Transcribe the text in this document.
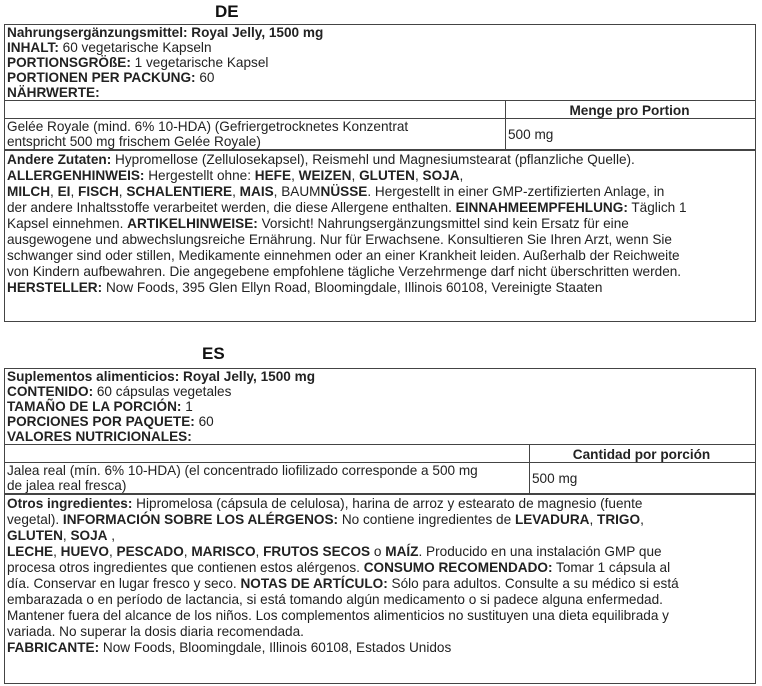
DE
Nahrungsergänzungsmittel: Royal Jelly, 1500 mg
INHALT: 60 vegetarische Kapseln
PORTIONSGRÖßE: 1 vegetarische Kapsel
PORTIONEN PER PACKUNG: 60
NÄHRWERTE:
	Menge pro Portion

Gelée Royale (mind. 6% 10-HDA) (Gefriergetrocknetes Konzentrat
entspricht 500 mg frischem Gelée Royale)	500 mg
Andere Zutaten: Hypromellose (Zellulosekapsel), Reismehl und Magnesiumstearat (pflanzliche Quelle).
ALLERGENHINWEIS: Hergestellt ohne: HEFE, WEIZEN, GLUTEN, SOJA,
MILCH, EI, FISCH, SCHALENTIERE, MAIS, BAUMNÜSSE. Hergestellt in einer GMP-zertifizierten Anlage, in
der andere Inhaltsstoffe verarbeitet werden, die diese Allergene enthalten. EINNAHMEEMPFEHLUNG: Täglich 1
Kapsel einnehmen. ARTIKELHINWEISE: Vorsicht! Nahrungsergänzungsmittel sind kein Ersatz für eine
ausgewogene und abwechslungsreiche Ernährung. Nur für Erwachsene. Konsultieren Sie Ihren Arzt, wenn Sie
schwanger sind oder stillen, Medikamente einnehmen oder an einer Krankheit leiden. Außerhalb der Reichweite
von Kindern aufbewahren. Die angegebene empfohlene tägliche Verzehrmenge darf nicht überschritten werden.
HERSTELLER: Now Foods, 395 Glen Ellyn Road, Bloomingdale, Illinois 60108, Vereinigte Staaten
ES
Suplementos alimenticios: Royal Jelly, 1500 mg
CONTENIDO: 60 cápsulas vegetales
TAMAÑO DE LA PORCIÓN: 1
PORCIONES POR PAQUETE: 60
VALORES NUTRICIONALES:
	Cantidad por porción

Jalea real (mín. 6% 10-HDA) (el concentrado liofilizado corresponde a 500 mg
de jalea real fresca)	500 mg
Otros ingredientes: Hipromelosa (cápsula de celulosa), harina de arroz y estearato de magnesio (fuente
vegetal). INFORMACIÓN SOBRE LOS ALÉRGENOS: No contiene ingredientes de LEVADURA, TRIGO,
GLUTEN, SOJA ,
LECHE, HUEVO, PESCADO, MARISCO, FRUTOS SECOS o MAÍZ. Producido en una instalación GMP que
procesa otros ingredientes que contienen estos alérgenos. CONSUMO RECOMENDADO: Tomar 1 cápsula al
día. Conservar en lugar fresco y seco. NOTAS DE ARTÍCULO: Sólo para adultos. Consulte a su médico si está
embarazada o en período de lactancia, si está tomando algún medicamento o si padece alguna enfermedad.
Mantener fuera del alcance de los niños. Los complementos alimenticios no sustituyen una dieta equilibrada y
variada. No superar la dosis diaria recomendada.
FABRICANTE: Now Foods, Bloomingdale, Illinois 60108, Estados Unidos
